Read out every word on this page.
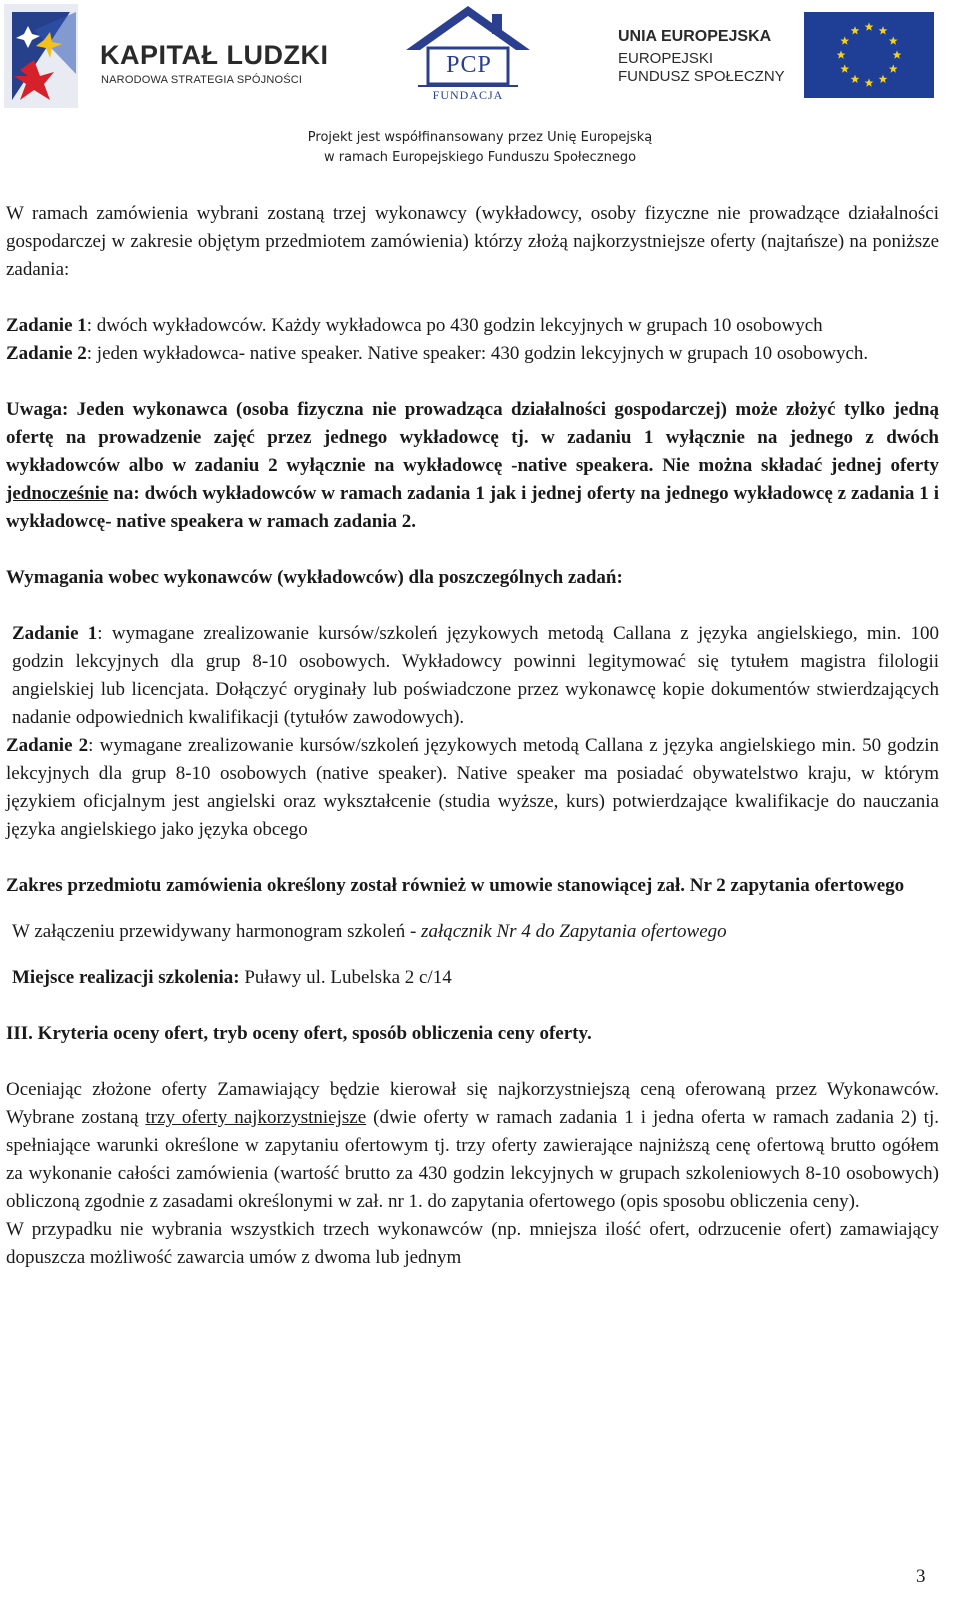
KAPITAŁ LUDZKI
NARODOWA STRATEGIA SPÓJNOŚCI
PCP
FUNDACJA
UNIA EUROPEJSKA
EUROPEJSKI
FUNDUSZ SPOŁECZNY
Projekt jest współfinansowany przez Unię Europejską
w ramach Europejskiego Funduszu Społecznego

W ramach zamówienia wybrani zostaną trzej wykonawcy (wykładowcy, osoby fizyczne nie prowadzące działalności gospodarczej w zakresie objętym przedmiotem zamówienia) którzy złożą najkorzystniejsze oferty (najtańsze) na poniższe zadania:

Zadanie 1: dwóch wykładowców. Każdy wykładowca po 430 godzin lekcyjnych w grupach 10 osobowych

Zadanie 2: jeden wykładowca- native speaker. Native speaker: 430 godzin lekcyjnych w grupach 10 osobowych.

Uwaga: Jeden wykonawca (osoba fizyczna nie prowadząca działalności gospodarczej) może złożyć tylko jedną ofertę na prowadzenie zajęć przez jednego wykładowcę tj. w zadaniu 1 wyłącznie na jednego z dwóch wykładowców albo w zadaniu 2 wyłącznie na wykładowcę -native speakera. Nie można składać jednej oferty jednocześnie na: dwóch wykładowców w ramach zadania 1 jak i jednej oferty na jednego wykładowcę z zadania 1 i wykładowcę- native speakera w ramach zadania 2.

Wymagania wobec wykonawców (wykładowców) dla poszczególnych zadań:

Zadanie 1: wymagane zrealizowanie kursów/szkoleń językowych metodą Callana z języka angielskiego, min. 100 godzin lekcyjnych dla grup 8-10 osobowych. Wykładowcy powinni legitymować się tytułem magistra filologii angielskiej lub licencjata. Dołączyć oryginały lub poświadczone przez wykonawcę kopie dokumentów stwierdzających nadanie odpowiednich kwalifikacji (tytułów zawodowych).

Zadanie 2: wymagane zrealizowanie kursów/szkoleń językowych metodą Callana z języka angielskiego min. 50 godzin lekcyjnych dla grup 8-10 osobowych (native speaker). Native speaker ma posiadać obywatelstwo kraju, w którym językiem oficjalnym jest angielski oraz wykształcenie (studia wyższe, kurs) potwierdzające kwalifikacje do nauczania języka angielskiego jako języka obcego

Zakres przedmiotu zamówienia określony został również w umowie stanowiącej zał. Nr 2 zapytania ofertowego

W załączeniu przewidywany harmonogram szkoleń - załącznik Nr 4 do Zapytania ofertowego

Miejsce realizacji szkolenia: Puławy ul. Lubelska 2 c/14

III. Kryteria oceny ofert, tryb oceny ofert, sposób obliczenia ceny oferty.

Oceniając złożone oferty Zamawiający będzie kierował się najkorzystniejszą ceną oferowaną przez Wykonawców. Wybrane zostaną trzy oferty najkorzystniejsze (dwie oferty w ramach zadania 1 i jedna oferta w ramach zadania 2) tj. spełniające warunki określone w zapytaniu ofertowym tj. trzy oferty zawierające najniższą cenę ofertową brutto ogółem za wykonanie całości zamówienia (wartość brutto za 430 godzin lekcyjnych w grupach szkoleniowych 8-10 osobowych) obliczoną zgodnie z zasadami określonymi w zał. nr 1. do zapytania ofertowego (opis sposobu obliczenia ceny).

W przypadku nie wybrania wszystkich trzech wykonawców (np. mniejsza ilość ofert, odrzucenie ofert) zamawiający dopuszcza możliwość zawarcia umów z dwoma lub jednym

3
